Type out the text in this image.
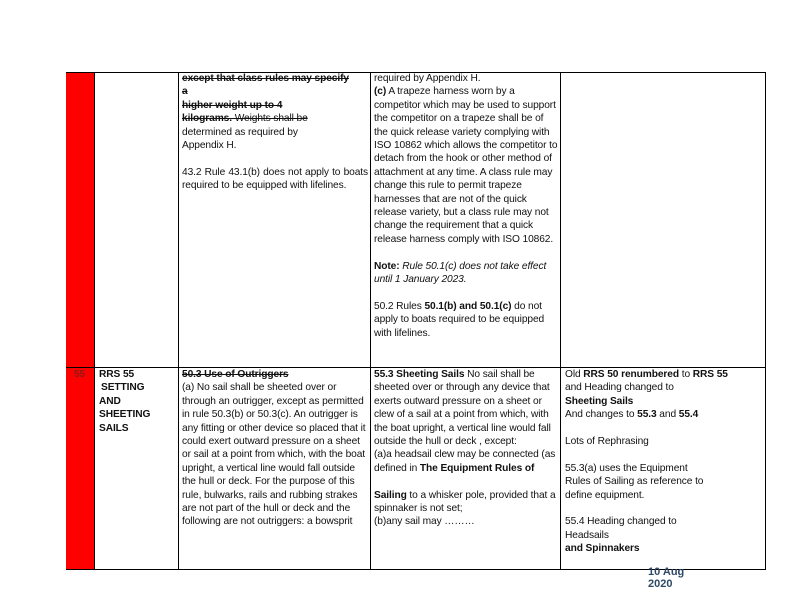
except that class rules may specify

a

higher weight up to 4

kilograms. Weights shall be

determined as required by

Appendix H.

43.2 Rule 43.1(b) does not apply to boats required to be equipped with lifelines.

required by Appendix H.

(c) A trapeze harness worn by a competitor which may be used to support the competitor on a trapeze shall be of the quick release variety complying with ISO 10862 which allows the competitor to detach from the hook or other method of attachment at any time. A class rule may change this rule to permit trapeze harnesses that are not of the quick release variety, but a class rule may not change the requirement that a quick release harness comply with ISO 10862.

Note: Rule 50.1(c) does not take effect until 1 January 2023.

50.2 Rules 50.1(b) and 50.1(c) do not apply to boats required to be equipped with lifelines.

55 RRS 55

SETTING

AND

SHEETING

SAILS

50.3 Use of Outriggers

(a) No sail shall be sheeted over or through an outrigger, except as permitted in rule 50.3(b) or 50.3(c). An outrigger is any fitting or other device so placed that it could exert outward pressure on a sheet or sail at a point from which, with the boat upright, a vertical line would fall outside the hull or deck. For the purpose of this rule, bulwarks, rails and rubbing strakes are not part of the hull or deck and the following are not outriggers: a bowsprit

55.3 Sheeting Sails No sail shall be sheeted over or through any device that exerts outward pressure on a sheet or clew of a sail at a point from which, with the boat upright, a vertical line would fall outside the hull or deck , except:

(a)a headsail clew may be connected (as defined in The Equipment Rules of

Sailing to a whisker pole, provided that a spinnaker is not set;

(b)any sail may ………

Old RRS 50 renumbered to RRS 55

and Heading changed to

Sheeting Sails

And changes to 55.3 and 55.4

Lots of Rephrasing

55.3(a) uses the Equipment Rules of Sailing as reference to define equipment.

55.4 Heading changed to Headsails

and Spinnakers

10 Aug
2020
